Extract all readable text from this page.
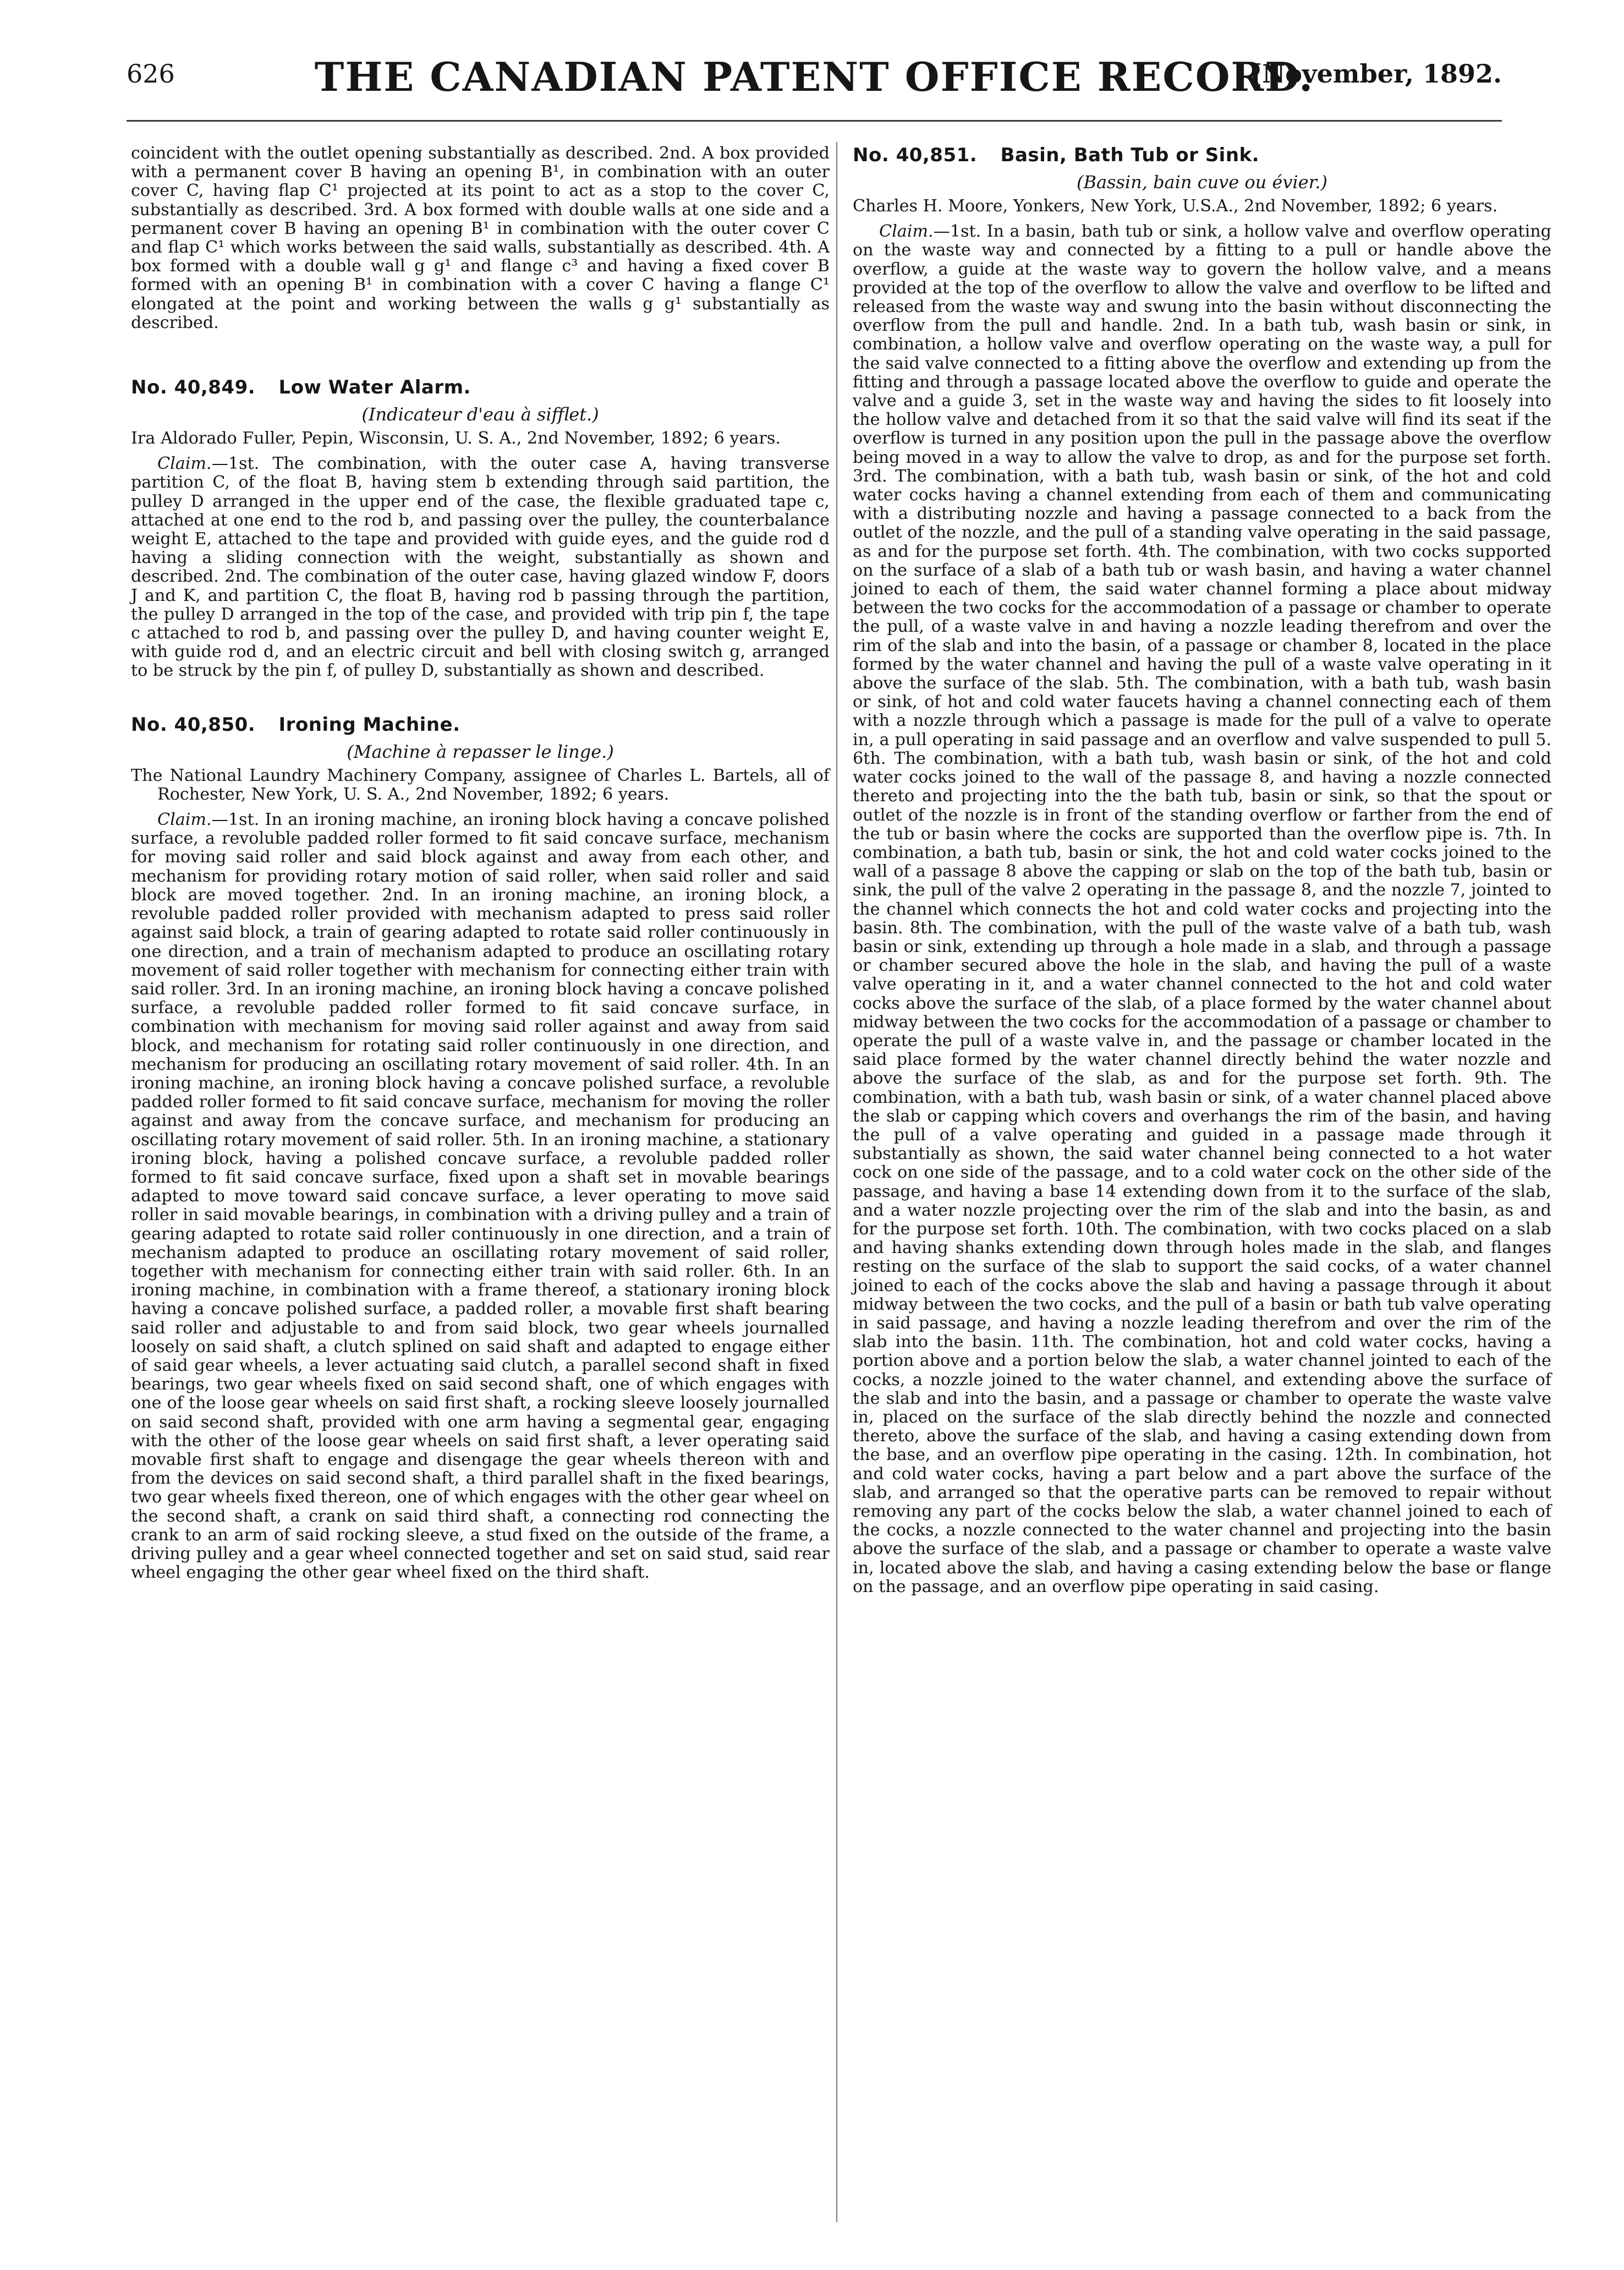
626	THE CANADIAN PATENT OFFICE RECORD.
[November, 1892.

coincident with the outlet opening substantially as described. 2nd. A box provided with a permanent cover B having an opening B¹, in combination with an outer cover C, having flap C¹ projected at its point to act as a stop to the cover C, substantially as described. 3rd. A box formed with double walls at one side and a permanent cover B having an opening B¹ in combination with the outer cover C and flap C¹ which works between the said walls, substantially as described. 4th. A box formed with a double wall g g¹ and flange c³ and having a fixed cover B formed with an opening B¹ in combination with a cover C having a flange C¹ elongated at the point and working between the walls g g¹ substantially as described.

No. 40,849. Low Water Alarm.
(Indicateur d'eau à sifflet.)

Ira Aldorado Fuller, Pepin, Wisconsin, U. S. A., 2nd November, 1892; 6 years.

Claim.—1st. The combination, with the outer case A, having transverse partition C, of the float B, having stem b extending through said partition, the pulley D arranged in the upper end of the case, the flexible graduated tape c, attached at one end to the rod b, and passing over the pulley, the counterbalance weight E, attached to the tape and provided with guide eyes, and the guide rod d having a sliding connection with the weight, substantially as shown and described. 2nd. The combination of the outer case, having glazed window F, doors J and K, and partition C, the float B, having rod b passing through the partition, the pulley D arranged in the top of the case, and provided with trip pin f, the tape c attached to rod b, and passing over the pulley D, and having counter weight E, with guide rod d, and an electric circuit and bell with closing switch g, arranged to be struck by the pin f, of pulley D, substantially as shown and described.

No. 40,850. Ironing Machine.
(Machine à repasser le linge.)

The National Laundry Machinery Company, assignee of Charles L. Bartels, all of Rochester, New York, U. S. A., 2nd November, 1892; 6 years.

Claim.—1st. In an ironing machine, an ironing block having a concave polished surface, a revoluble padded roller formed to fit said concave surface, mechanism for moving said roller and said block against and away from each other, and mechanism for providing rotary motion of said roller, when said roller and said block are moved together. 2nd. In an ironing machine, an ironing block, a revoluble padded roller provided with mechanism adapted to press said roller against said block, a train of gearing adapted to rotate said roller continuously in one direction, and a train of mechanism adapted to produce an oscillating rotary movement of said roller together with mechanism for connecting either train with said roller. 3rd. In an ironing machine, an ironing block having a concave polished surface, a revoluble padded roller formed to fit said concave surface, in combination with mechanism for moving said roller against and away from said block, and mechanism for rotating said roller continuously in one direction, and mechanism for producing an oscillating rotary movement of said roller. 4th. In an ironing machine, an ironing block having a concave polished surface, a revoluble padded roller formed to fit said concave surface, mechanism for moving the roller against and away from the concave surface, and mechanism for producing an oscillating rotary movement of said roller. 5th. In an ironing machine, a stationary ironing block, having a polished concave surface, a revoluble padded roller formed to fit said concave surface, fixed upon a shaft set in movable bearings adapted to move toward said concave surface, a lever operating to move said roller in said movable bearings, in combination with a driving pulley and a train of gearing adapted to rotate said roller continuously in one direction, and a train of mechanism adapted to produce an oscillating rotary movement of said roller, together with mechanism for connecting either train with said roller. 6th. In an ironing machine, in combination with a frame thereof, a stationary ironing block having a concave polished surface, a padded roller, a movable first shaft bearing said roller and adjustable to and from said block, two gear wheels journalled loosely on said shaft, a clutch splined on said shaft and adapted to engage either of said gear wheels, a lever actuating said clutch, a parallel second shaft in fixed bearings, two gear wheels fixed on said second shaft, one of which engages with one of the loose gear wheels on said first shaft, a rocking sleeve loosely journalled on said second shaft, provided with one arm having a segmental gear, engaging with the other of the loose gear wheels on said first shaft, a lever operating said movable first shaft to engage and disengage the gear wheels thereon with and from the devices on said second shaft, a third parallel shaft in the fixed bearings, two gear wheels fixed thereon, one of which engages with the other gear wheel on the second shaft, a crank on said third shaft, a connecting rod connecting the crank to an arm of said rocking sleeve, a stud fixed on the outside of the frame, a driving pulley and a gear wheel connected together and set on said stud, said rear wheel engaging the other gear wheel fixed on the third shaft.

No. 40,851. Basin, Bath Tub or Sink.
(Bassin, bain cuve ou évier.)

Charles H. Moore, Yonkers, New York, U.S.A., 2nd November, 1892; 6 years.

Claim.—1st. In a basin, bath tub or sink, a hollow valve and overflow operating on the waste way and connected by a fitting to a pull or handle above the overflow, a guide at the waste way to govern the hollow valve, and a means provided at the top of the overflow to allow the valve and overflow to be lifted and released from the waste way and swung into the basin without disconnecting the overflow from the pull and handle. 2nd. In a bath tub, wash basin or sink, in combination, a hollow valve and overflow operating on the waste way, a pull for the said valve connected to a fitting above the overflow and extending up from the fitting and through a passage located above the overflow to guide and operate the valve and a guide 3, set in the waste way and having the sides to fit loosely into the hollow valve and detached from it so that the said valve will find its seat if the overflow is turned in any position upon the pull in the passage above the overflow being moved in a way to allow the valve to drop, as and for the purpose set forth. 3rd. The combination, with a bath tub, wash basin or sink, of the hot and cold water cocks having a channel extending from each of them and communicating with a distributing nozzle and having a passage connected to a back from the outlet of the nozzle, and the pull of a standing valve operating in the said passage, as and for the purpose set forth. 4th. The combination, with two cocks supported on the surface of a slab of a bath tub or wash basin, and having a water channel joined to each of them, the said water channel forming a place about midway between the two cocks for the accommodation of a passage or chamber to operate the pull, of a waste valve in and having a nozzle leading therefrom and over the rim of the slab and into the basin, of a passage or chamber 8, located in the place formed by the water channel and having the pull of a waste valve operating in it above the surface of the slab. 5th. The combination, with a bath tub, wash basin or sink, of hot and cold water faucets having a channel connecting each of them with a nozzle through which a passage is made for the pull of a valve to operate in, a pull operating in said passage and an overflow and valve suspended to pull 5. 6th. The combination, with a bath tub, wash basin or sink, of the hot and cold water cocks joined to the wall of the passage 8, and having a nozzle connected thereto and projecting into the the bath tub, basin or sink, so that the spout or outlet of the nozzle is in front of the standing overflow or farther from the end of the tub or basin where the cocks are supported than the overflow pipe is. 7th. In combination, a bath tub, basin or sink, the hot and cold water cocks joined to the wall of a passage 8 above the capping or slab on the top of the bath tub, basin or sink, the pull of the valve 2 operating in the passage 8, and the nozzle 7, jointed to the channel which connects the hot and cold water cocks and projecting into the basin. 8th. The combination, with the pull of the waste valve of a bath tub, wash basin or sink, extending up through a hole made in a slab, and through a passage or chamber secured above the hole in the slab, and having the pull of a waste valve operating in it, and a water channel connected to the hot and cold water cocks above the surface of the slab, of a place formed by the water channel about midway between the two cocks for the accommodation of a passage or chamber to operate the pull of a waste valve in, and the passage or chamber located in the said place formed by the water channel directly behind the water nozzle and above the surface of the slab, as and for the purpose set forth. 9th. The combination, with a bath tub, wash basin or sink, of a water channel placed above the slab or capping which covers and overhangs the rim of the basin, and having the pull of a valve operating and guided in a passage made through it substantially as shown, the said water channel being connected to a hot water cock on one side of the passage, and to a cold water cock on the other side of the passage, and having a base 14 extending down from it to the surface of the slab, and a water nozzle projecting over the rim of the slab and into the basin, as and for the purpose set forth. 10th. The combination, with two cocks placed on a slab and having shanks extending down through holes made in the slab, and flanges resting on the surface of the slab to support the said cocks, of a water channel joined to each of the cocks above the slab and having a passage through it about midway between the two cocks, and the pull of a basin or bath tub valve operating in said passage, and having a nozzle leading therefrom and over the rim of the slab into the basin. 11th. The combination, hot and cold water cocks, having a portion above and a portion below the slab, a water channel jointed to each of the cocks, a nozzle joined to the water channel, and extending above the surface of the slab and into the basin, and a passage or chamber to operate the waste valve in, placed on the surface of the slab directly behind the nozzle and connected thereto, above the surface of the slab, and having a casing extending down from the base, and an overflow pipe operating in the casing. 12th. In combination, hot and cold water cocks, having a part below and a part above the surface of the slab, and arranged so that the operative parts can be removed to repair without removing any part of the cocks below the slab, a water channel joined to each of the cocks, a nozzle connected to the water channel and projecting into the basin above the surface of the slab, and a passage or chamber to operate a waste valve in, located above the slab, and having a casing extending below the base or flange on the passage, and an overflow pipe operating in said casing.
